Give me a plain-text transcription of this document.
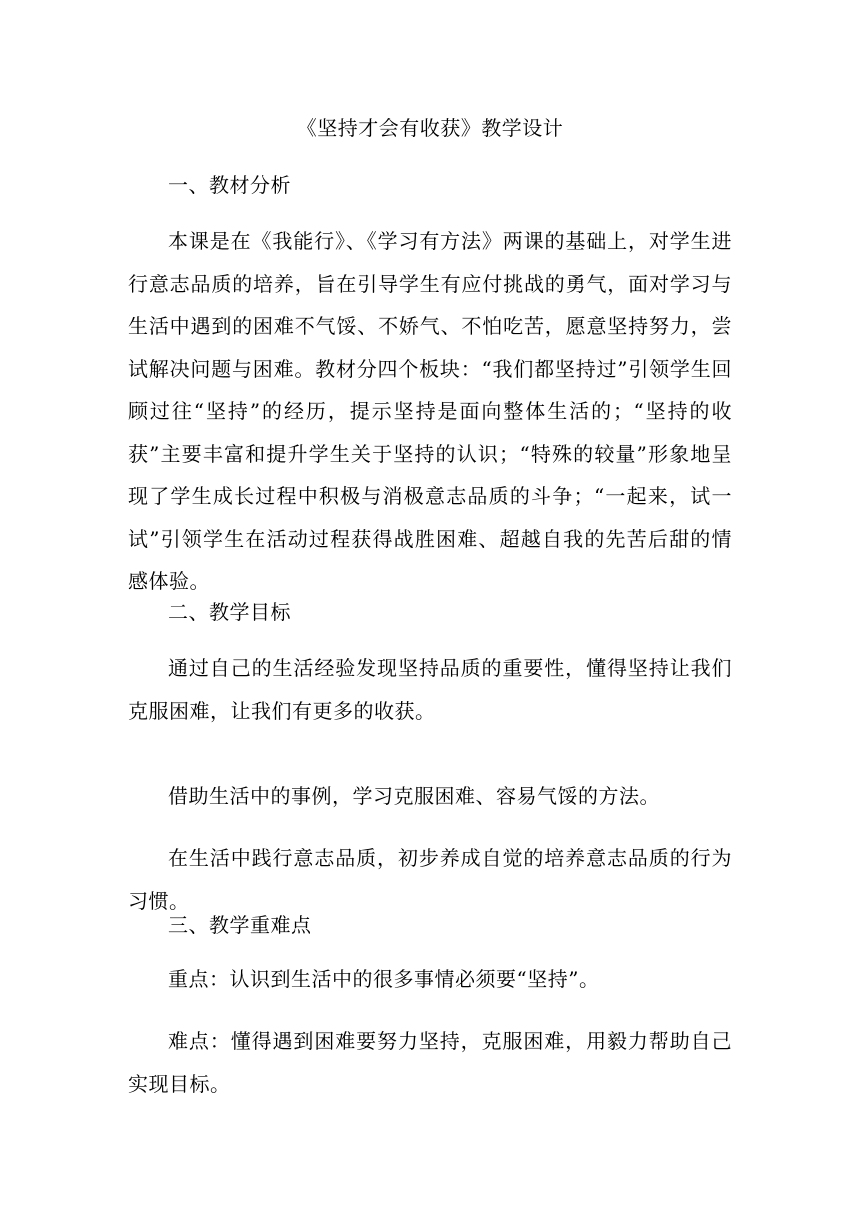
《坚持才会有收获》教学设计
一、教材分析

本课是在《我能行》、《学习有方法》两课的基础上，对学生进行意志品质的培养，旨在引导学生有应付挑战的勇气，面对学习与生活中遇到的困难不气馁、不娇气、不怕吃苦，愿意坚持努力，尝试解决问题与困难。教材分四个板块：“我们都坚持过”引领学生回顾过往“坚持”的经历，提示坚持是面向整体生活的；“坚持的收获”主要丰富和提升学生关于坚持的认识；“特殊的较量”形象地呈现了学生成长过程中积极与消极意志品质的斗争；“一起来，试一试”引领学生在活动过程获得战胜困难、超越自我的先苦后甜的情感体验。

二、教学目标

通过自己的生活经验发现坚持品质的重要性，懂得坚持让我们克服困难，让我们有更多的收获。

借助生活中的事例，学习克服困难、容易气馁的方法。

在生活中践行意志品质，初步养成自觉的培养意志品质的行为习惯。

三、教学重难点

重点：认识到生活中的很多事情必须要“坚持”。

难点：懂得遇到困难要努力坚持，克服困难，用毅力帮助自己实现目标。
